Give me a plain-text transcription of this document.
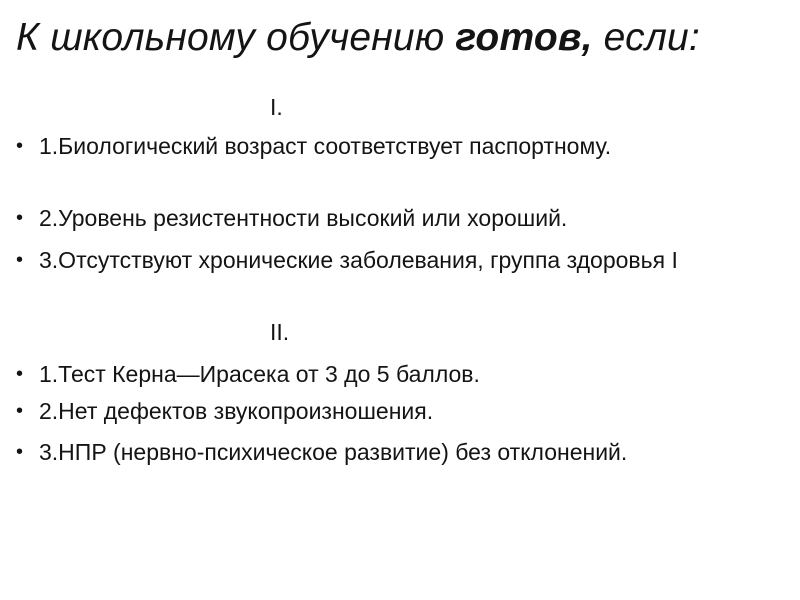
К школьному обучению готов, если:
I.
• 1.Биологический возраст соответствует паспортному.
• 2.Уровень резистентности высокий или хороший.
• 3.Отсутствуют хронические заболевания, группа здоровья I
II.
• 1.Тест Керна—Ирасека от 3 до 5 баллов.
• 2.Нет дефектов звукопроизношения.
• 3.НПР (нервно-психическое развитие) без отклонений.
